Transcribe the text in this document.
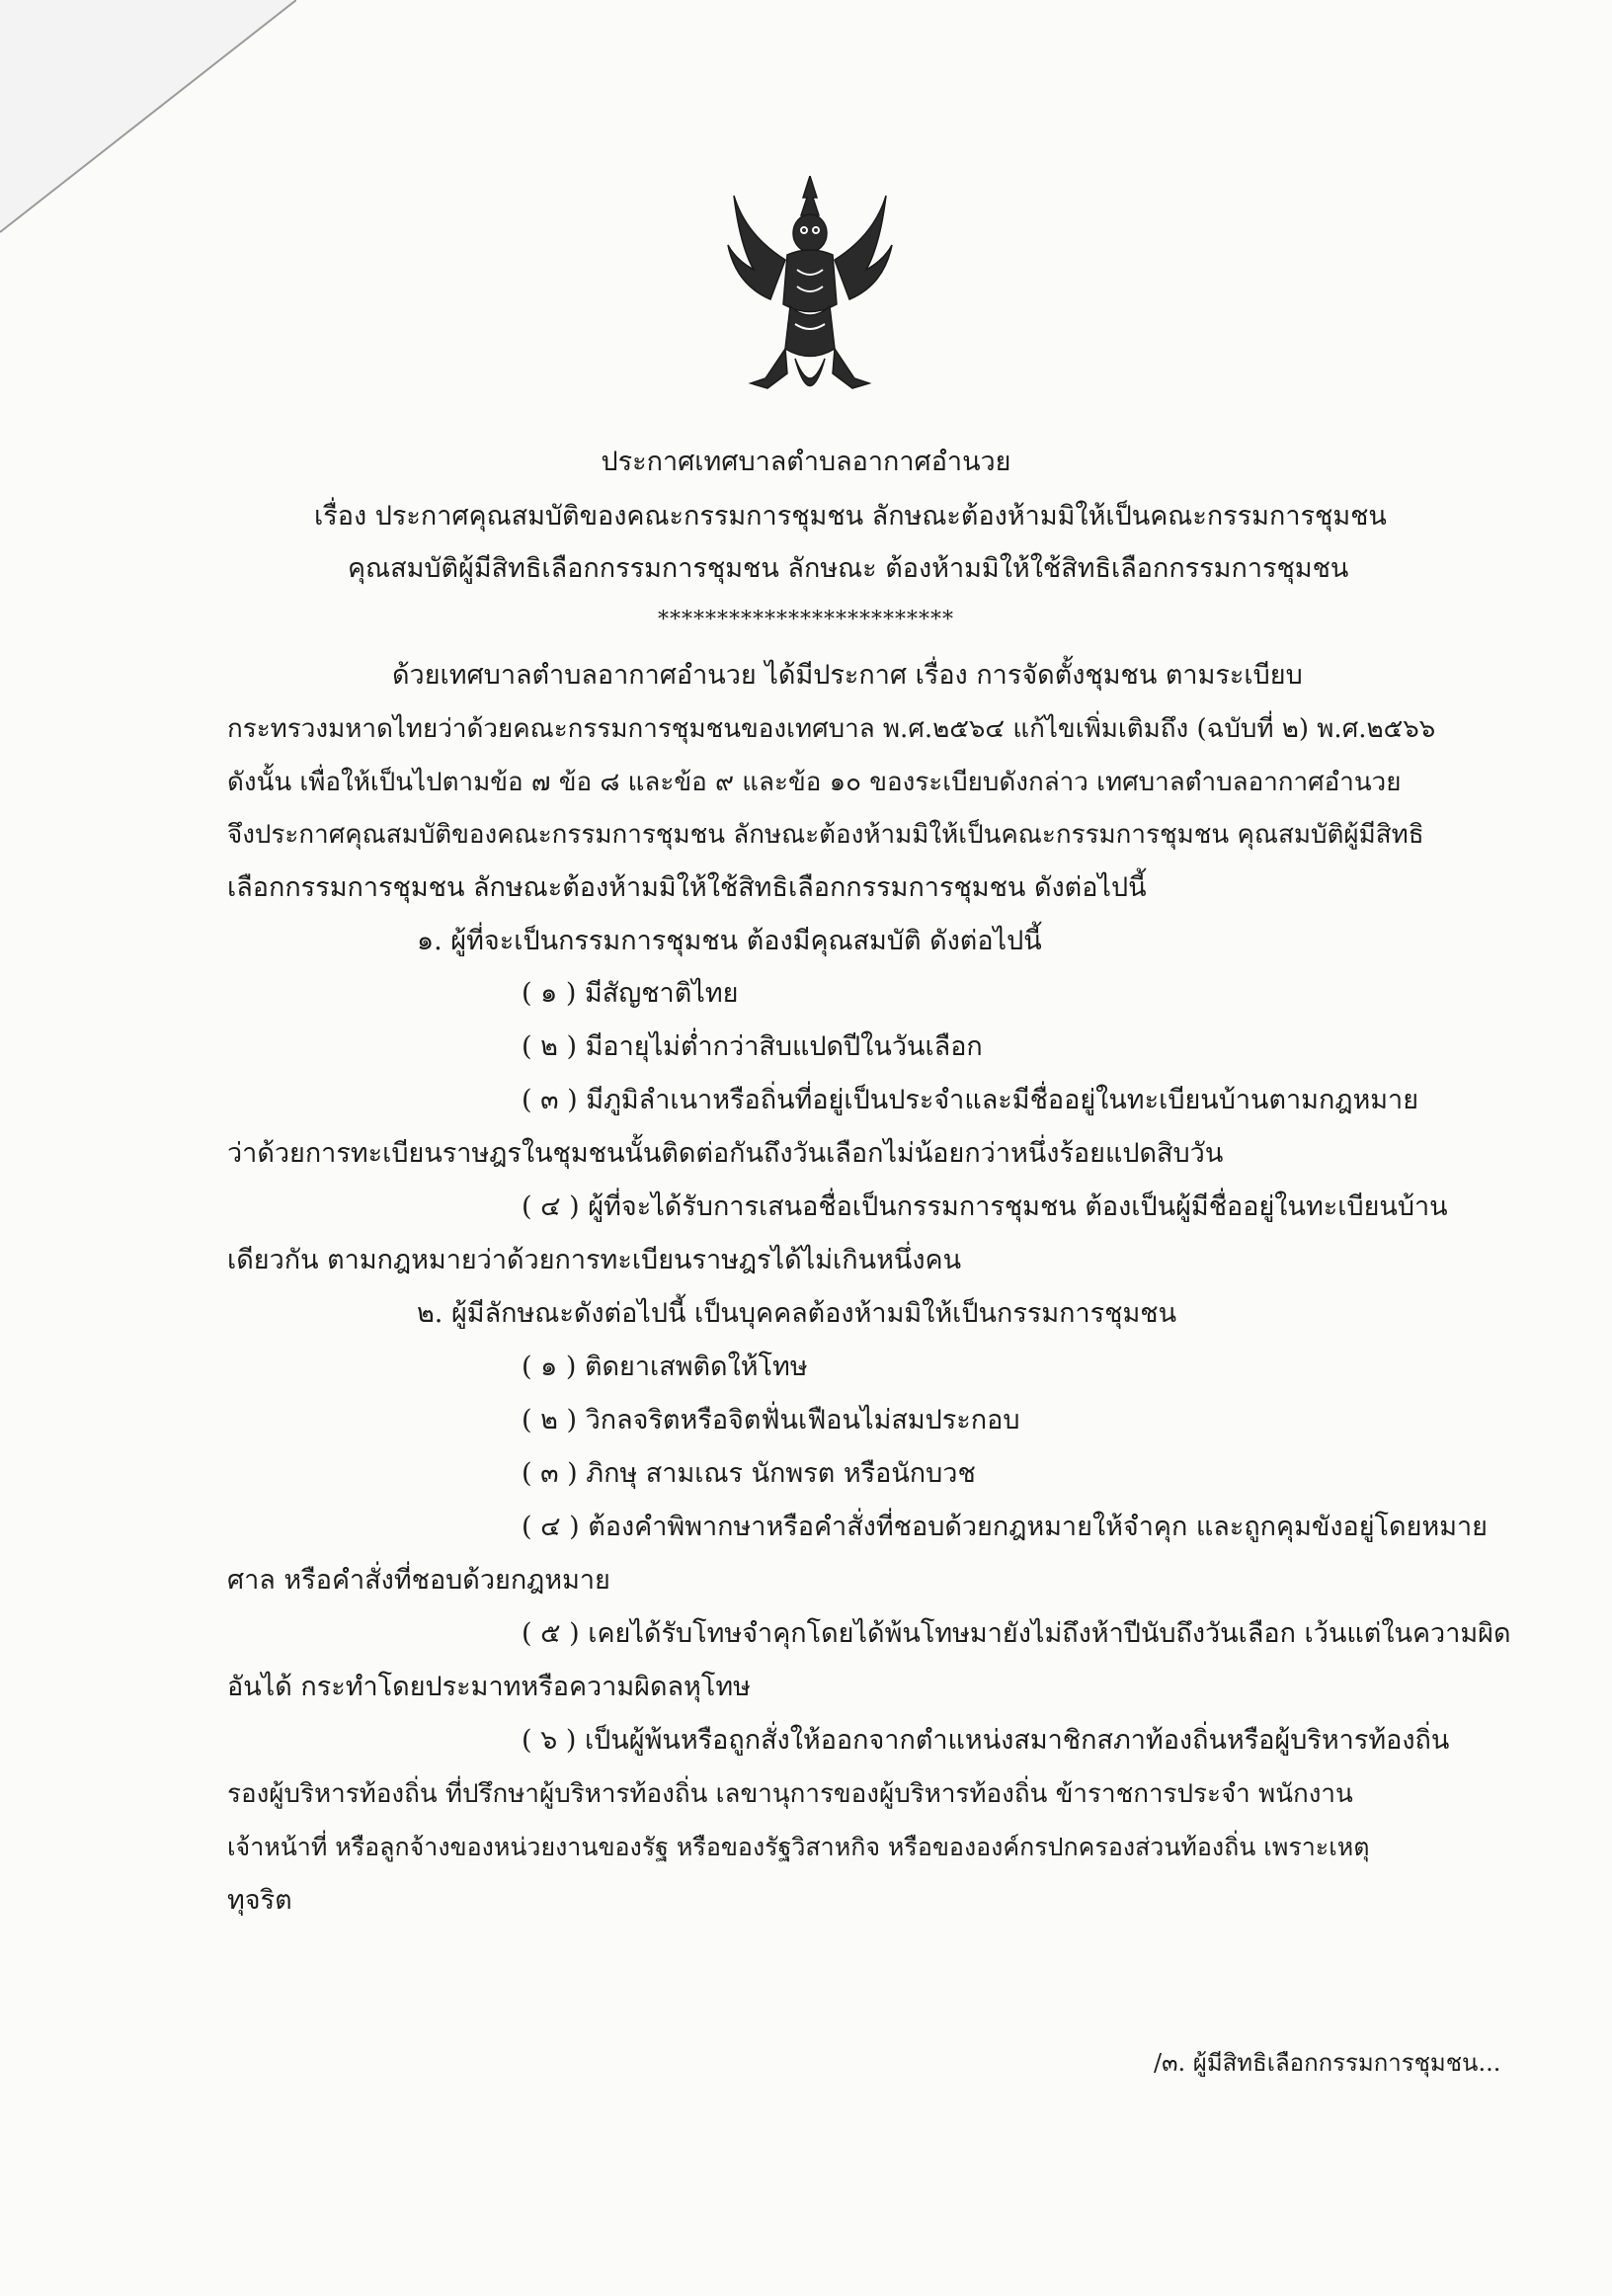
ประกาศเทศบาลตำบลอากาศอำนวย
เรื่อง ประกาศคุณสมบัติของคณะกรรมการชุมชน ลักษณะต้องห้ามมิให้เป็นคณะกรรมการชุมชน
คุณสมบัติผู้มีสิทธิเลือกกรรมการชุมชน ลักษณะ ต้องห้ามมิให้ใช้สิทธิเลือกกรรมการชุมชน
*************************
ด้วยเทศบาลตำบลอากาศอำนวย ได้มีประกาศ เรื่อง การจัดตั้งชุมชน ตามระเบียบ
กระทรวงมหาดไทยว่าด้วยคณะกรรมการชุมชนของเทศบาล พ.ศ.๒๕๖๔ แก้ไขเพิ่มเติมถึง (ฉบับที่ ๒) พ.ศ.๒๕๖๖
ดังนั้น เพื่อให้เป็นไปตามข้อ ๗ ข้อ ๘ และข้อ ๙ และข้อ ๑๐ ของระเบียบดังกล่าว เทศบาลตำบลอากาศอำนวย
จึงประกาศคุณสมบัติของคณะกรรมการชุมชน ลักษณะต้องห้ามมิให้เป็นคณะกรรมการชุมชน คุณสมบัติผู้มีสิทธิ
เลือกกรรมการชุมชน ลักษณะต้องห้ามมิให้ใช้สิทธิเลือกกรรมการชุมชน ดังต่อไปนี้
๑. ผู้ที่จะเป็นกรรมการชุมชน ต้องมีคุณสมบัติ ดังต่อไปนี้
( ๑ ) มีสัญชาติไทย
( ๒ ) มีอายุไม่ต่ำกว่าสิบแปดปีในวันเลือก
( ๓ ) มีภูมิลำเนาหรือถิ่นที่อยู่เป็นประจำและมีชื่ออยู่ในทะเบียนบ้านตามกฎหมาย
ว่าด้วยการทะเบียนราษฎรในชุมชนนั้นติดต่อกันถึงวันเลือกไม่น้อยกว่าหนึ่งร้อยแปดสิบวัน
( ๔ ) ผู้ที่จะได้รับการเสนอชื่อเป็นกรรมการชุมชน ต้องเป็นผู้มีชื่ออยู่ในทะเบียนบ้าน
เดียวกัน ตามกฎหมายว่าด้วยการทะเบียนราษฎรได้ไม่เกินหนึ่งคน
๒. ผู้มีลักษณะดังต่อไปนี้ เป็นบุคคลต้องห้ามมิให้เป็นกรรมการชุมชน
( ๑ ) ติดยาเสพติดให้โทษ
( ๒ ) วิกลจริตหรือจิตฟั่นเฟือนไม่สมประกอบ
( ๓ ) ภิกษุ สามเณร นักพรต หรือนักบวช
( ๔ ) ต้องคำพิพากษาหรือคำสั่งที่ชอบด้วยกฎหมายให้จำคุก และถูกคุมขังอยู่โดยหมาย
ศาล หรือคำสั่งที่ชอบด้วยกฎหมาย
( ๕ ) เคยได้รับโทษจำคุกโดยได้พ้นโทษมายังไม่ถึงห้าปีนับถึงวันเลือก เว้นแต่ในความผิด
อันได้ กระทำโดยประมาทหรือความผิดลหุโทษ
( ๖ ) เป็นผู้พ้นหรือถูกสั่งให้ออกจากตำแหน่งสมาชิกสภาท้องถิ่นหรือผู้บริหารท้องถิ่น
รองผู้บริหารท้องถิ่น ที่ปรึกษาผู้บริหารท้องถิ่น เลขานุการของผู้บริหารท้องถิ่น ข้าราชการประจำ พนักงาน
เจ้าหน้าที่ หรือลูกจ้างของหน่วยงานของรัฐ หรือของรัฐวิสาหกิจ หรือขององค์กรปกครองส่วนท้องถิ่น เพราะเหตุ
ทุจริต
/๓. ผู้มีสิทธิเลือกกรรมการชุมชน...
